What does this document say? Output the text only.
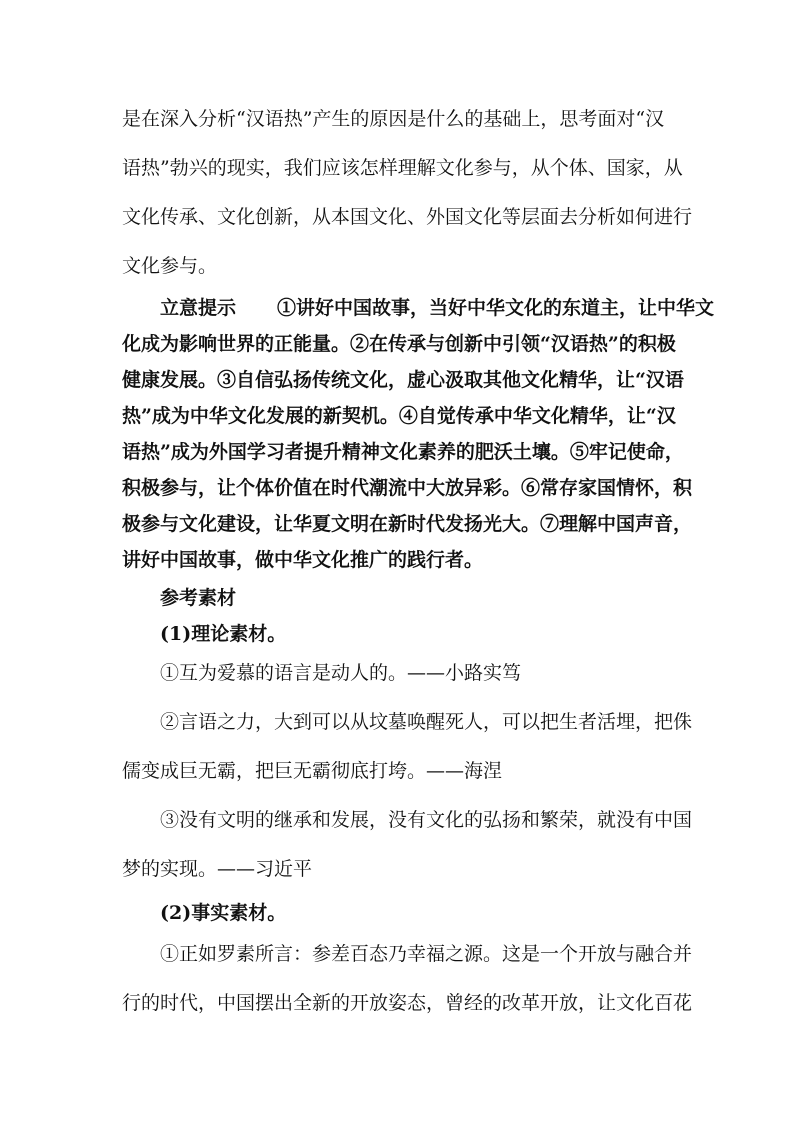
是在深入分析“汉语热”产生的原因是什么的基础上，思考面对“汉
语热”勃兴的现实，我们应该怎样理解文化参与，从个体、国家，从
文化传承、文化创新，从本国文化、外国文化等层面去分析如何进行
文化参与。
立意提示 ①讲好中国故事，当好中华文化的东道主，让中华文
化成为影响世界的正能量。②在传承与创新中引领“汉语热”的积极
健康发展。③自信弘扬传统文化，虚心汲取其他文化精华，让“汉语
热”成为中华文化发展的新契机。④自觉传承中华文化精华，让“汉
语热”成为外国学习者提升精神文化素养的肥沃土壤。⑤牢记使命，
积极参与，让个体价值在时代潮流中大放异彩。⑥常存家国情怀，积
极参与文化建设，让华夏文明在新时代发扬光大。⑦理解中国声音，
讲好中国故事，做中华文化推广的践行者。
参考素材
(1)理论素材。
①互为爱慕的语言是动人的。——小路实笃
②言语之力，大到可以从坟墓唤醒死人，可以把生者活埋，把侏
儒变成巨无霸，把巨无霸彻底打垮。——海涅
③没有文明的继承和发展，没有文化的弘扬和繁荣，就没有中国
梦的实现。——习近平
(2)事实素材。
①正如罗素所言：参差百态乃幸福之源。这是一个开放与融合并
行的时代，中国摆出全新的开放姿态，曾经的改革开放，让文化百花
